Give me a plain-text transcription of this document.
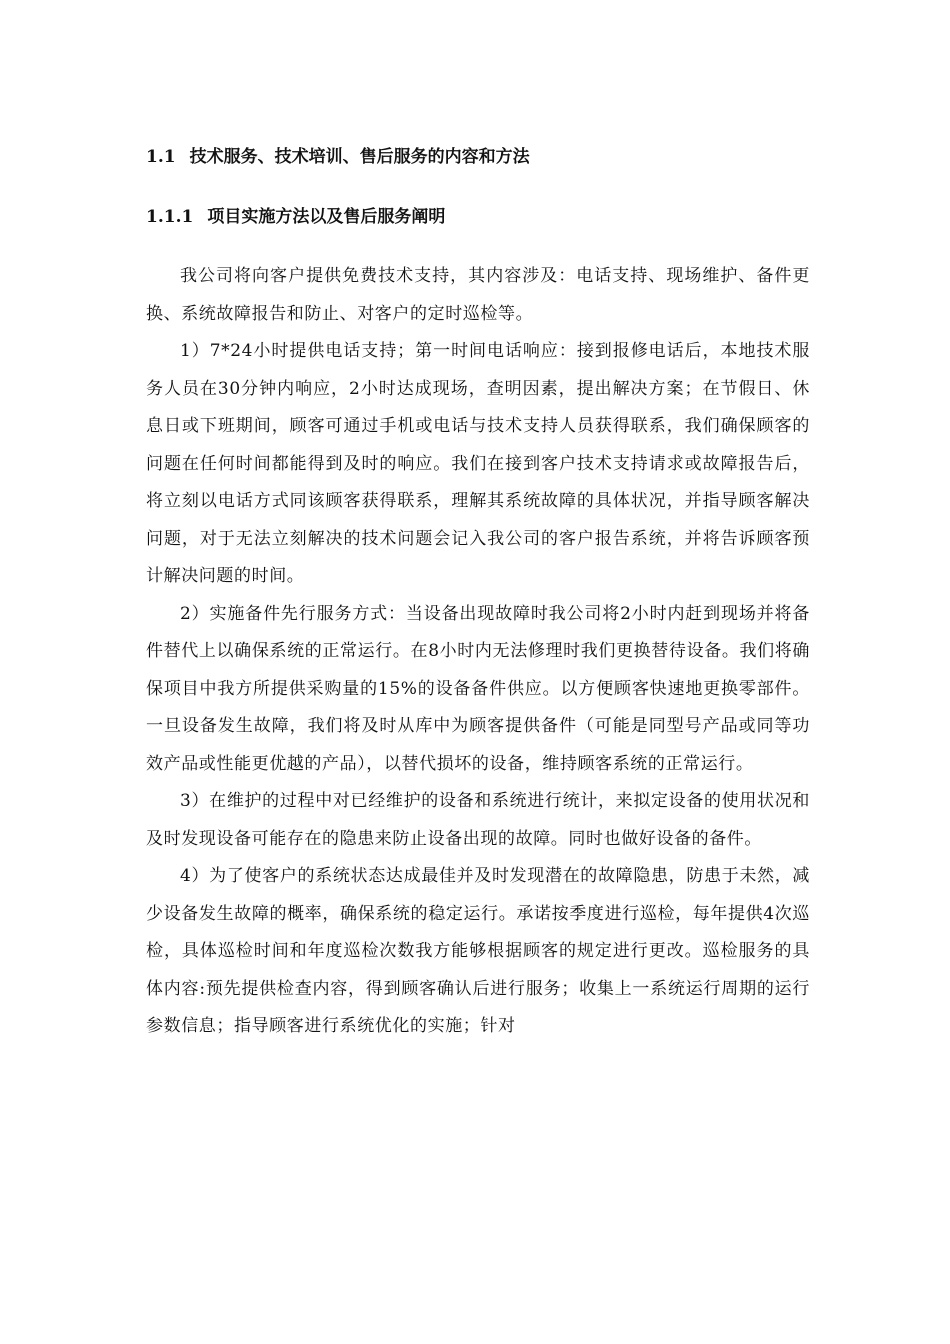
1.1 技术服务、技术培训、售后服务的内容和方法
1.1.1 项目实施方法以及售后服务阐明

我公司将向客户提供免费技术支持，其内容涉及：电话支持、现场维护、备件更换、系统故障报告和防止、对客户的定时巡检等。

1）7*24小时提供电话支持；第一时间电话响应：接到报修电话后，本地技术服务人员在30分钟内响应，2小时达成现场，查明因素，提出解决方案；在节假日、休息日或下班期间，顾客可通过手机或电话与技术支持人员获得联系，我们确保顾客的问题在任何时间都能得到及时的响应。我们在接到客户技术支持请求或故障报告后，将立刻以电话方式同该顾客获得联系，理解其系统故障的具体状况，并指导顾客解决问题，对于无法立刻解决的技术问题会记入我公司的客户报告系统，并将告诉顾客预计解决问题的时间。

2）实施备件先行服务方式：当设备出现故障时我公司将2小时内赶到现场并将备件替代上以确保系统的正常运行。在8小时内无法修理时我们更换替待设备。我们将确保项目中我方所提供采购量的15%的设备备件供应。以方便顾客快速地更换零部件。一旦设备发生故障，我们将及时从库中为顾客提供备件（可能是同型号产品或同等功效产品或性能更优越的产品），以替代损坏的设备，维持顾客系统的正常运行。

3）在维护的过程中对已经维护的设备和系统进行统计，来拟定设备的使用状况和及时发现设备可能存在的隐患来防止设备出现的故障。同时也做好设备的备件。

4）为了使客户的系统状态达成最佳并及时发现潜在的故障隐患，防患于未然，减少设备发生故障的概率，确保系统的稳定运行。承诺按季度进行巡检，每年提供4次巡检，具体巡检时间和年度巡检次数我方能够根据顾客的规定进行更改。巡检服务的具体内容:预先提供检查内容，得到顾客确认后进行服务；收集上一系统运行周期的运行参数信息；指导顾客进行系统优化的实施；针对
